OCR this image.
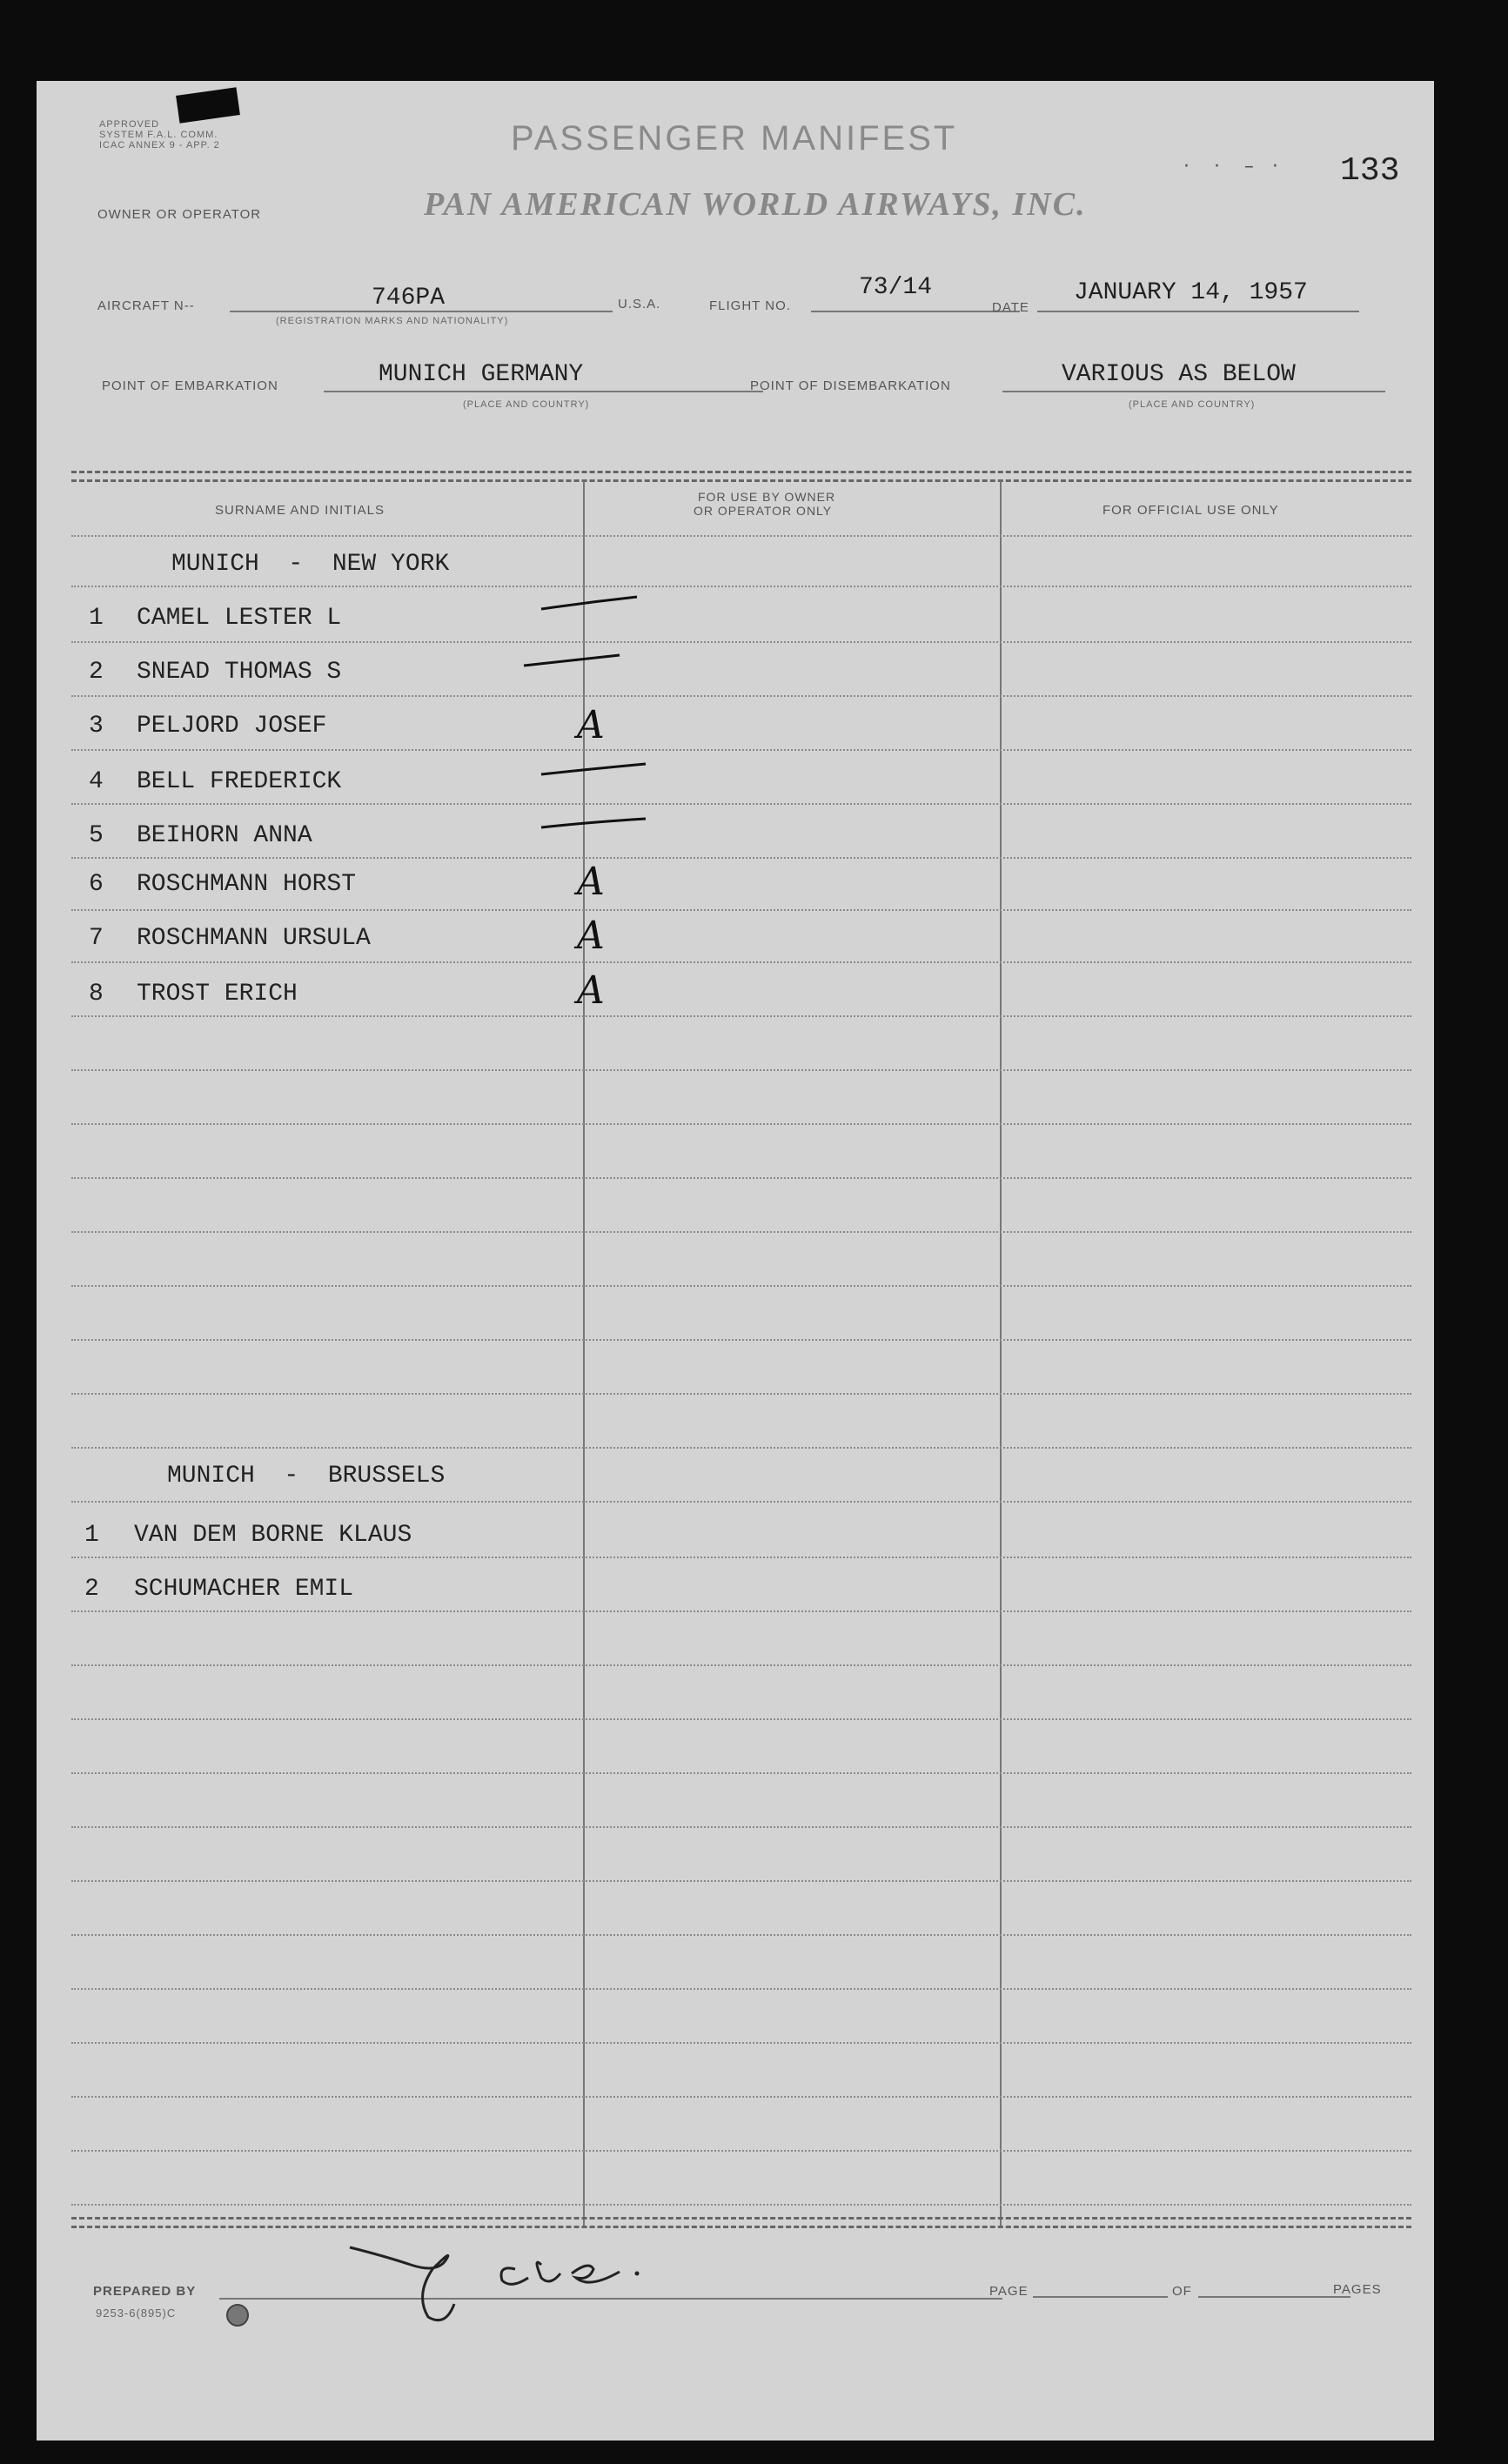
APPROVED
SYSTEM F.A.L. COMM.
ICAC ANNEX 9 - APP. 2	PASSENGER MANIFEST
133
·    ·    –   ·
OWNER OR OPERATOR	PAN AMERICAN WORLD AIRWAYS, INC.
AIRCRAFT N--	746PA
(REGISTRATION MARKS AND NATIONALITY)
U.S.A.	FLIGHT NO.
73/14
DATE
JANUARY 14, 1957
POINT OF EMBARKATION	MUNICH GERMANY
(PLACE AND COUNTRY)
POINT OF DISEMBARKATION	VARIOUS AS BELOW
(PLACE AND COUNTRY)
SURNAME AND INITIALS
FOR USE BY OWNER
OR OPERATOR ONLY	FOR OFFICIAL USE ONLY
MUNICH  -  NEW YORK
1 CAMEL LESTER L
2 SNEAD THOMAS S
3 PELJORD JOSEF	A
4 BELL FREDERICK
5 BEIHORN ANNA
6 ROSCHMANN HORST	A
7 ROSCHMANN URSULA	A
8 TROST ERICH	A
MUNICH  -  BRUSSELS
1 VAN DEM BORNE KLAUS
2 SCHUMACHER EMIL
PREPARED BY
9253-6(895)C
PAGE	OF	PAGES
